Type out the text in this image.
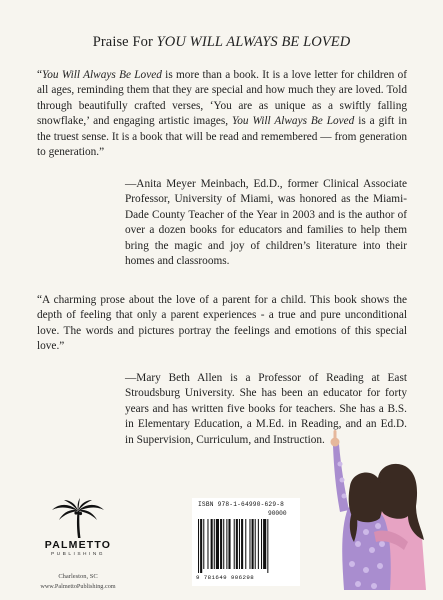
Praise For YOU WILL ALWAYS BE LOVED

“You Will Always Be Loved is more than a book. It is a love letter for children of all ages, reminding them that they are special and how much they are loved. Told through beautifully crafted verses, ‘You are as unique as a swiftly falling snowflake,’ and engaging artistic images, You Will Always Be Loved is a gift in the truest sense. It is a book that will be read and remembered — from generation to generation.”

—Anita Meyer Meinbach, Ed.D., former Clinical Associate Professor, University of Miami, was honored as the Miami-Dade County Teacher of the Year in 2003 and is the author of over a dozen books for educators and families to help them bring the magic and joy of children’s literature into their homes and classrooms.

“A charming prose about the love of a parent for a child. This book shows the depth of feeling that only a parent experiences - a true and pure unconditional love. The words and pictures portray the feelings and emotions of this special love.”

—Mary Beth Allen is a Professor of Reading at East Stroudsburg University. She has been an educator for forty years and has written five books for teachers. She has a B.S. in Elementary Education, a M.Ed. in Reading, and an Ed.D. in Supervision, Curriculum, and Instruction.

PALMETTO
PUBLISHING
Charleston, SC
www.PalmettoPublishing.com
ISBN 978-1-64990-629-8
90000
9 781649 906298
